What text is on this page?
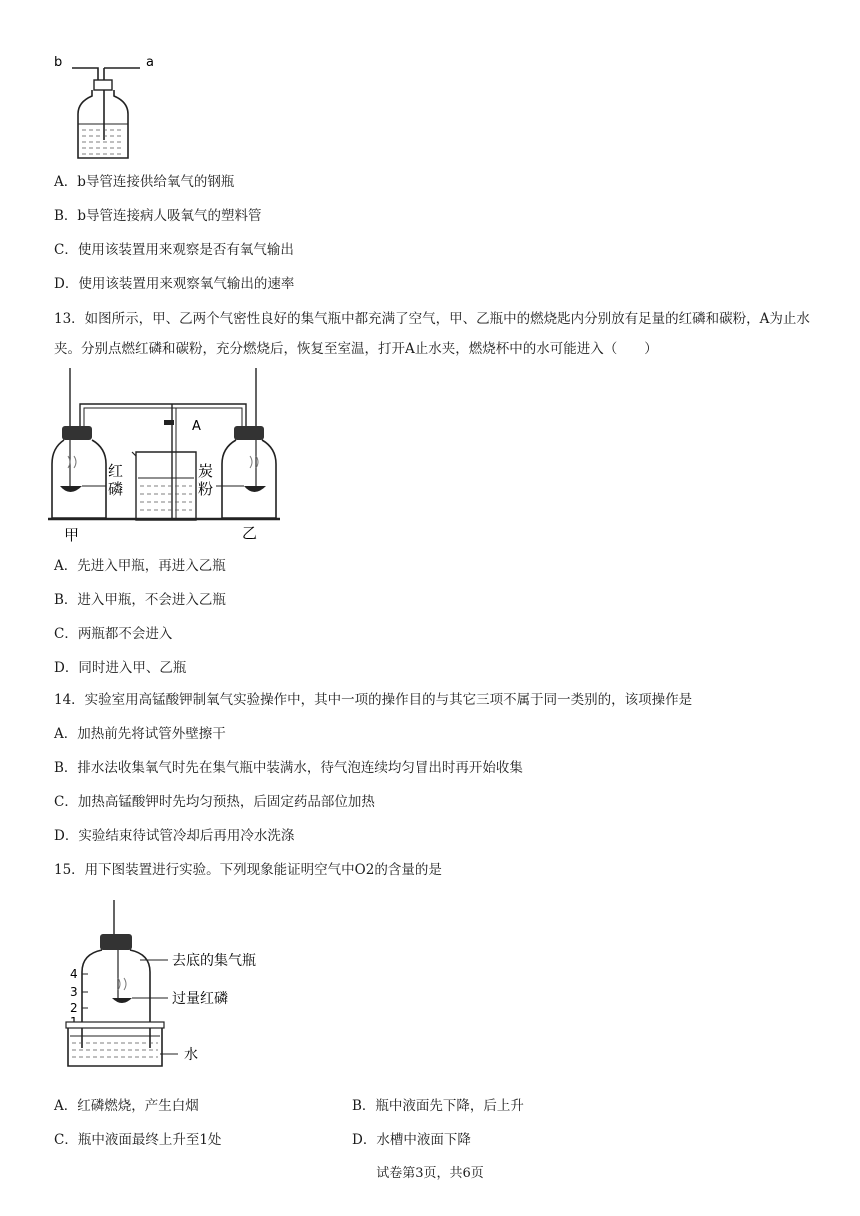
b	a
A．b导管连接供给氧气的钢瓶
B．b导管连接病人吸氧气的塑料管
C．使用该装置用来观察是否有氧气输出
D．使用该装置用来观察氧气输出的速率
13．如图所示，甲、乙两个气密性良好的集气瓶中都充满了空气，甲、乙瓶中的燃烧匙内分别放有足量的红磷和碳粉，A为止水夹。分别点燃红磷和碳粉，充分燃烧后，恢复至室温，打开A止水夹，燃烧杯中的水可能进入（　　）
A
红
磷
炭
粉
甲	乙
A．先进入甲瓶，再进入乙瓶
B．进入甲瓶，不会进入乙瓶
C．两瓶都不会进入
D．同时进入甲、乙瓶
14．实验室用高锰酸钾制氧气实验操作中，其中一项的操作目的与其它三项不属于同一类别的，该项操作是
A．加热前先将试管外壁擦干
B．排水法收集氧气时先在集气瓶中装满水，待气泡连续均匀冒出时再开始收集
C．加热高锰酸钾时先均匀预热，后固定药品部位加热
D．实验结束待试管冷却后再用冷水洗涤
15．用下图装置进行实验。下列现象能证明空气中O2的含量的是
去底的集气瓶
过量红磷
4
3
2
水
A．红磷燃烧，产生白烟	B．瓶中液面先下降，后上升
C．瓶中液面最终上升至1处	D．水槽中液面下降
试卷第3页，共6页
